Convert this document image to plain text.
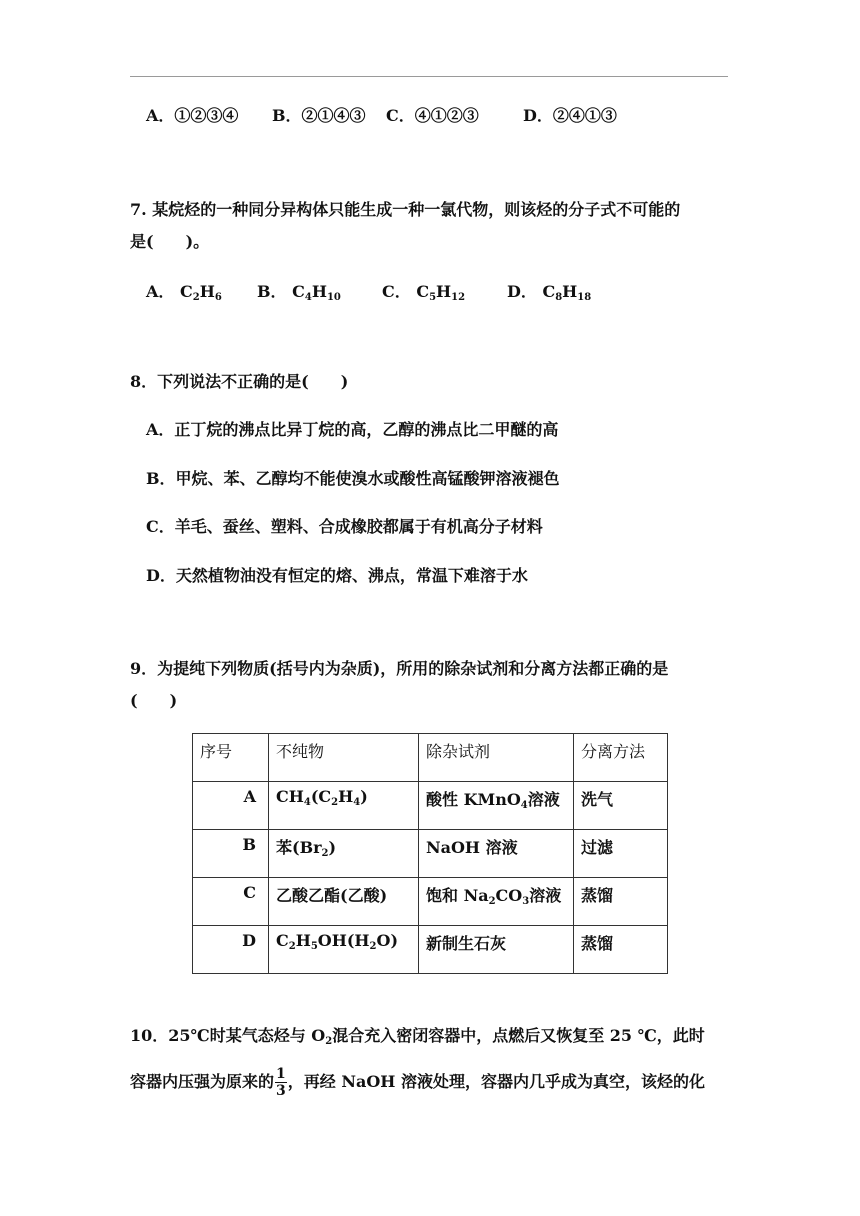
A．①②③④ B．②①④③ C．④①②③	D．②④①③
7. 某烷烃的一种同分异构体只能生成一种一氯代物，则该烃的分子式不可能的
是(　　)。
A． $C_2H_6$ B． $C_4H_{10}$	C． $C_5H_{12}$	D． $C_8H_{18}$
8．下列说法不正确的是(　　)
A．正丁烷的沸点比异丁烷的高，乙醇的沸点比二甲醚的高
B．甲烷、苯、乙醇均不能使溴水或酸性高锰酸钾溶液褪色
C．羊毛、蚕丝、塑料、合成橡胶都属于有机高分子材料
D．天然植物油没有恒定的熔、沸点，常温下难溶于水
9．为提纯下列物质(括号内为杂质)，所用的除杂试剂和分离方法都正确的是
(　　)
序号	不纯物	除杂试剂	分离方法
A	$CH_4(C_2H_4)$	酸性 KMnO$_4$溶液	洗气
B	苯$(Br_2)$	NaOH 溶液	过滤
C	乙酸乙酯(乙酸)	饱和 $Na_2CO_3$溶液	蒸馏
D	$C_2H_5OH(H_2O)$	新制生石灰	蒸馏
10．25℃时某气态烃与 $O_2$混合充入密闭容器中，点燃后又恢复至 25 ℃，此时
容器内压强为原来的 $\frac{1}{3}$ ，再经 NaOH 溶液处理，容器内几乎成为真空，该烃的化
